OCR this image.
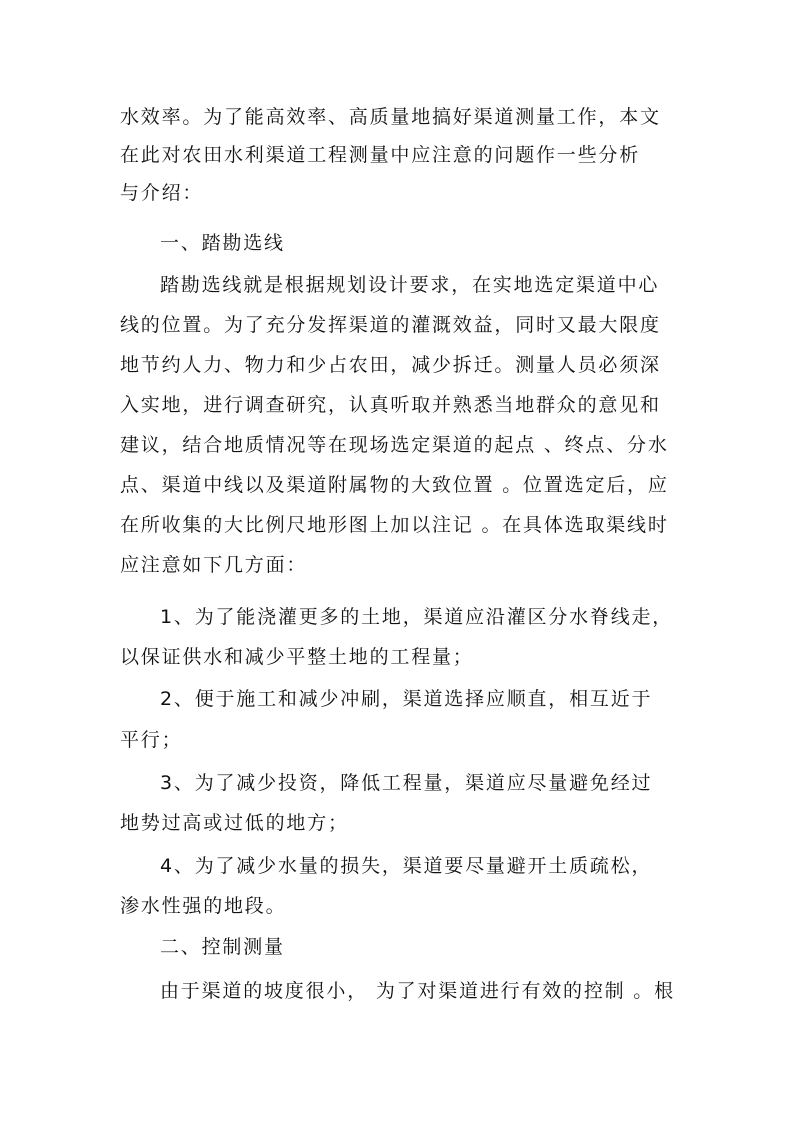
水效率。为了能高效率、高质量地搞好渠道测量工作，本文
在此对农田水利渠道工程测量中应注意的问题作一些分析
与介绍：
一、踏勘选线
踏勘选线就是根据规划设计要求，在实地选定渠道中心
线的位置。为了充分发挥渠道的灌溉效益，同时又最大限度
地节约人力、物力和少占农田，减少拆迁。测量人员必须深
入实地，进行调查研究，认真听取并熟悉当地群众的意见和
建议，结合地质情况等在现场选定渠道的起点 、终点、分水
点、渠道中线以及渠道附属物的大致位置 。位置选定后，应
在所收集的大比例尺地形图上加以注记 。在具体选取渠线时
应注意如下几方面：
1、为了能浇灌更多的土地，渠道应沿灌区分水脊线走，
以保证供水和减少平整土地的工程量；
2、便于施工和减少冲刷，渠道选择应顺直，相互近于
平行；
3、为了减少投资，降低工程量，渠道应尽量避免经过
地势过高或过低的地方；
4、为了减少水量的损失，渠道要尽量避开土质疏松，
渗水性强的地段。
二、控制测量
由于渠道的坡度很小， 为了对渠道进行有效的控制 。根
